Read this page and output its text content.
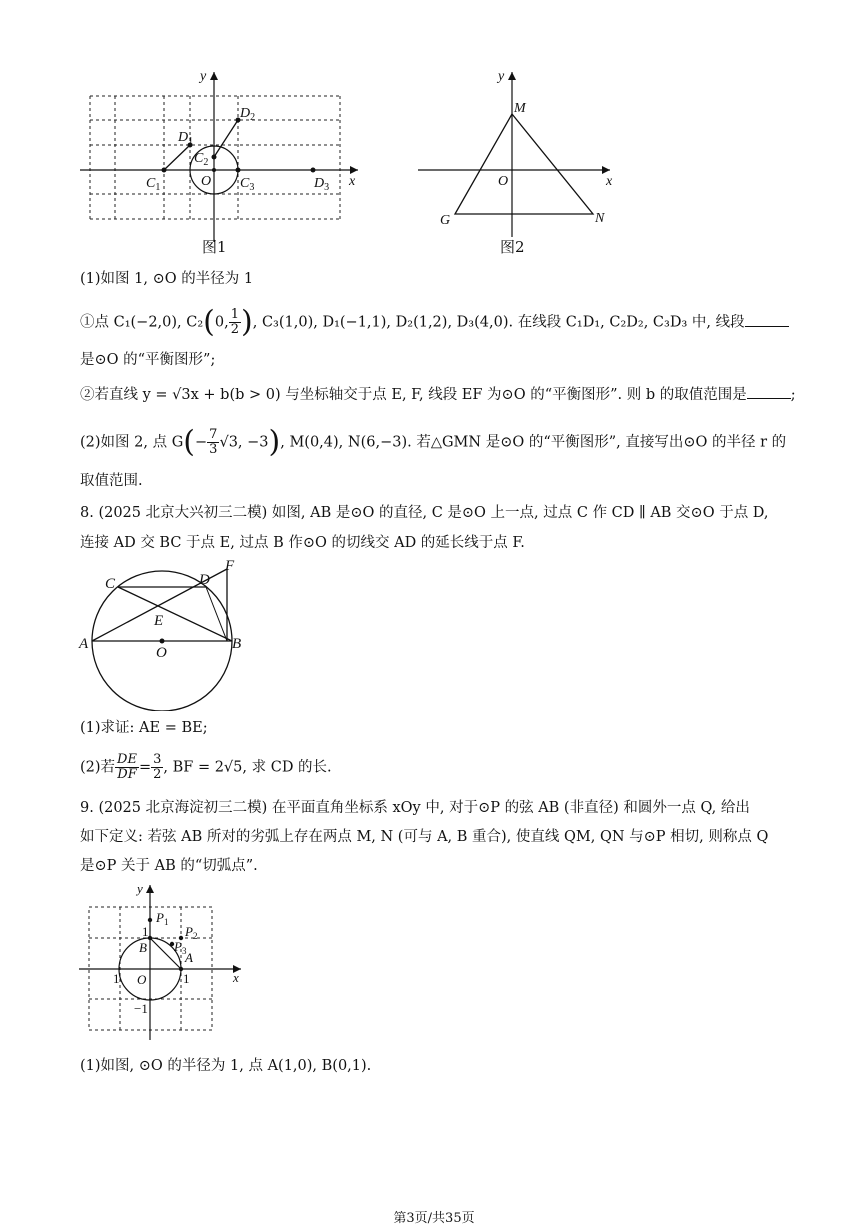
y
x
O
$C_1$
$D_1$
$C_2$
$D_2$
$C_3$	$D_3$
图1
y
x
O
M
G	N
图2
(1)如图 1, ⊙O 的半径为 1
①点 C₁(−2,0), C₂(0, $\frac{1}{2}$ ), C₃(1,0), D₁(−1,1), D₂(1,2), D₃(4,0). 在线段 C₁D₁, C₂D₂, C₃D₃ 中, 线段
是⊙O 的“平衡图形”;
②若直线 y = √3x + b(b > 0) 与坐标轴交于点 E, F, 线段 EF 为⊙O 的“平衡图形”. 则 b 的取值范围是	;
(2)如图 2, 点 $G(- \frac{7}{3} √3$, −3), M(0,4), N(6,−3). 若△GMN 是⊙O 的“平衡图形”, 直接写出⊙O 的半径 r 的
取值范围.
8. (2025 北京大兴初三二模) 如图, AB 是⊙O 的直径, C 是⊙O 上一点, 过点 C 作 CD ∥ AB 交⊙O 于点 D,
连接 AD 交 BC 于点 E, 过点 B 作⊙O 的切线交 AD 的延长线于点 F.
C	D
F
A	B
E
O
(1)求证: AE = BE;
(2)若 $\frac{DE}{DF} = \frac{3}{2}$ , BF = 2√5, 求 CD 的长.
9. (2025 北京海淀初三二模) 在平面直角坐标系 xOy 中, 对于⊙P 的弦 AB (非直径) 和圆外一点 Q, 给出
如下定义: 若弦 AB 所对的劣弧上存在两点 M, N (可与 A, B 重合), 使直线 QM, QN 与⊙P 相切, 则称点 Q
是⊙P 关于 AB 的“切弧点”.
y
x
O
$P_1$
$P_2$
$P_3$
A
B
1
1
1
−1
(1)如图, ⊙O 的半径为 1, 点 A(1,0), B(0,1).
第3页/共35页
